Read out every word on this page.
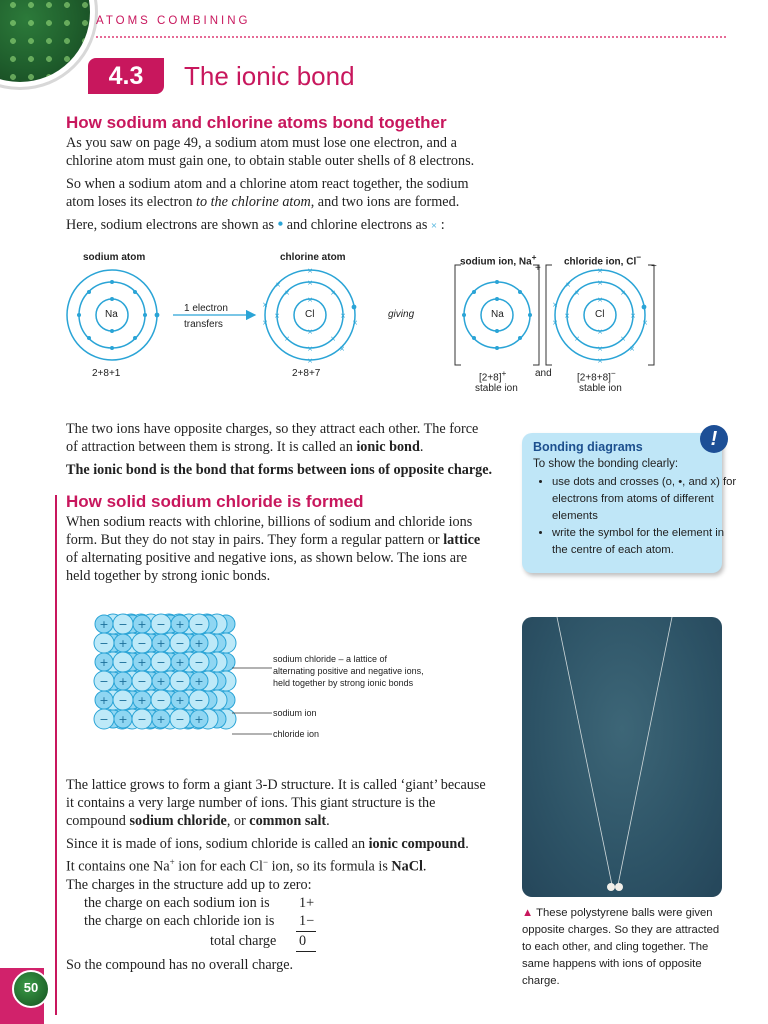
ATOMS COMBINING
4.3	The ionic bond
How sodium and chlorine atoms bond together

As you saw on page 49, a sodium atom must lose one electron, and a

chlorine atom must gain one, to obtain stable outer shells of 8 electrons.

So when a sodium atom and a chlorine atom react together, the sodium

atom loses its electron to the chlorine atom, and two ions are formed.

Here, sodium electrons are shown as • and chlorine electrons as × :

×
×
×	×
×
×
×
×
×
×
×
×	×
×
×
×
×
×
×
×	×
×
×
×
×
×
×
×
×	×
×
×
×
×
sodium atom	chlorine atom	sodium ion, Na+	chloride ion, Cl−
Na	Cl	Na	Cl
1 electron
transfers
giving
+	−
2+8+1	2+8+7	[2+8]+	and	[2+8+8]−
stable ion	stable ion

The two ions have opposite charges, so they attract each other. The force

of attraction between them is strong. It is called an ionic bond.

The ionic bond is the bond that forms between ions of opposite charge.

How solid sodium chloride is formed

When sodium reacts with chlorine, billions of sodium and chloride ions

form. But they do not stay in pairs. They form a regular pattern or lattice

of alternating positive and negative ions, as shown below. The ions are

held together by strong ionic bonds.

+ − + − + −
− + − + − +
+ − + − + −
− + − + − +
+ − + − + −
− + − + − +
sodium chloride – a lattice of
alternating positive and negative ions,
held together by strong ionic bonds
sodium ion
chloride ion

The lattice grows to form a giant 3-D structure. It is called ‘giant’ because

it contains a very large number of ions. This giant structure is the

compound sodium chloride, or common salt.

Since it is made of ions, sodium chloride is called an ionic compound.

It contains one Na+ ion for each Cl− ion, so its formula is NaCl.

The charges in the structure add up to zero:

the charge on each sodium ion is 1+
the charge on each chloride ion is 1−
total charge 0

So the compound has no overall charge.

!
Bonding diagrams
To show the bonding clearly:
• use dots and crosses (o, •, and x) for electrons from atoms of different elements
• write the symbol for the element in the centre of each atom.
▲ These polystyrene balls were given opposite charges. So they are attracted to each other, and cling together. The same happens with ions of opposite charge.
50
